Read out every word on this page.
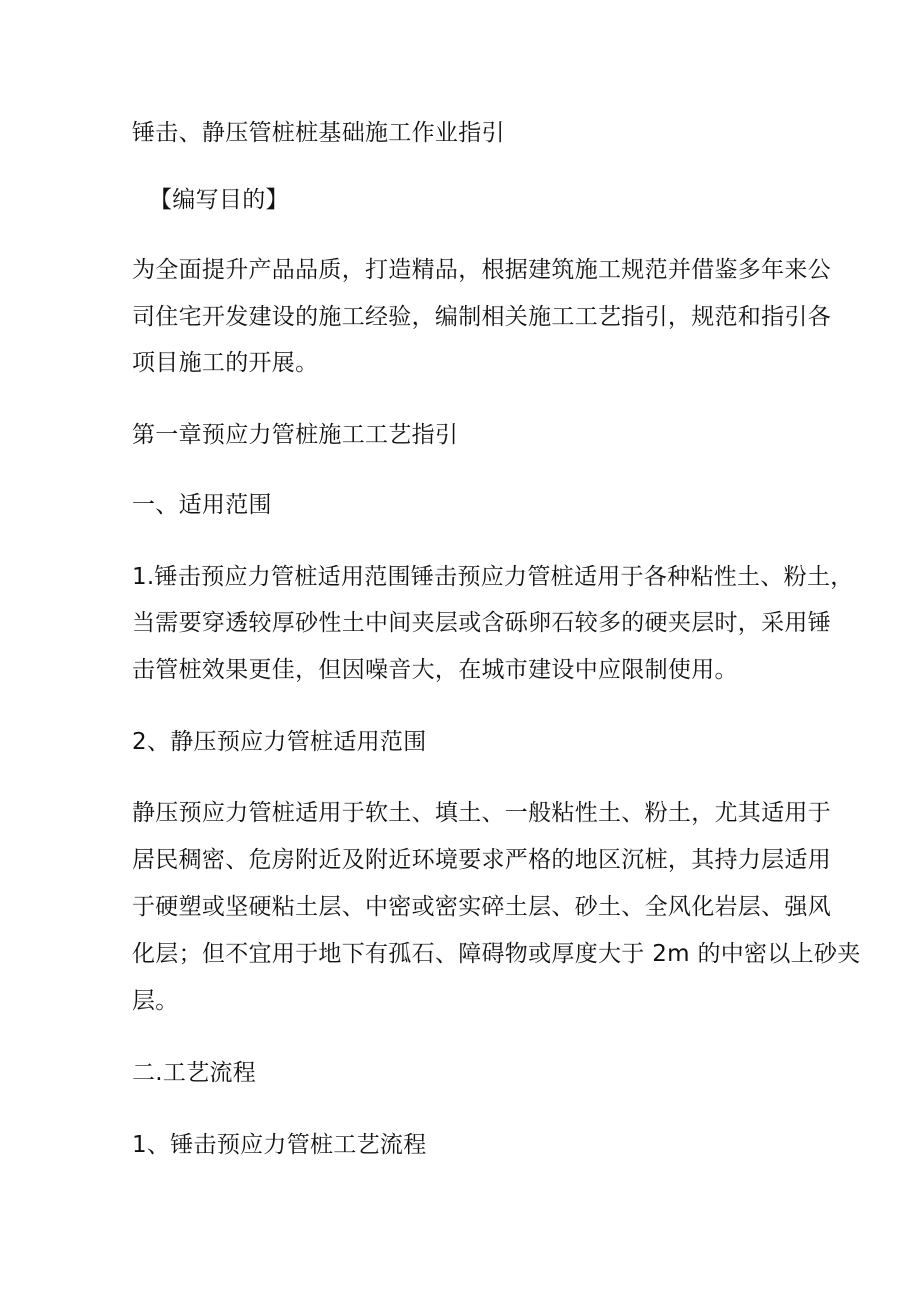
锤击、静压管桩桩基础施工作业指引
【编写目的】
为全面提升产品品质，打造精品，根据建筑施工规范并借鉴多年来公
司住宅开发建设的施工经验，编制相关施工工艺指引，规范和指引各
项目施工的开展。
第一章预应力管桩施工工艺指引
一、适用范围
1.锤击预应力管桩适用范围锤击预应力管桩适用于各种粘性土、粉土，
当需要穿透较厚砂性土中间夹层或含砾卵石较多的硬夹层时，采用锤
击管桩效果更佳，但因噪音大，在城市建设中应限制使用。
2、静压预应力管桩适用范围
静压预应力管桩适用于软土、填土、一般粘性土、粉土，尤其适用于
居民稠密、危房附近及附近环境要求严格的地区沉桩，其持力层适用
于硬塑或坚硬粘土层、中密或密实碎土层、砂土、全风化岩层、强风
化层；但不宜用于地下有孤石、障碍物或厚度大于 2m 的中密以上砂夹
层。
二.工艺流程
1、锤击预应力管桩工艺流程
